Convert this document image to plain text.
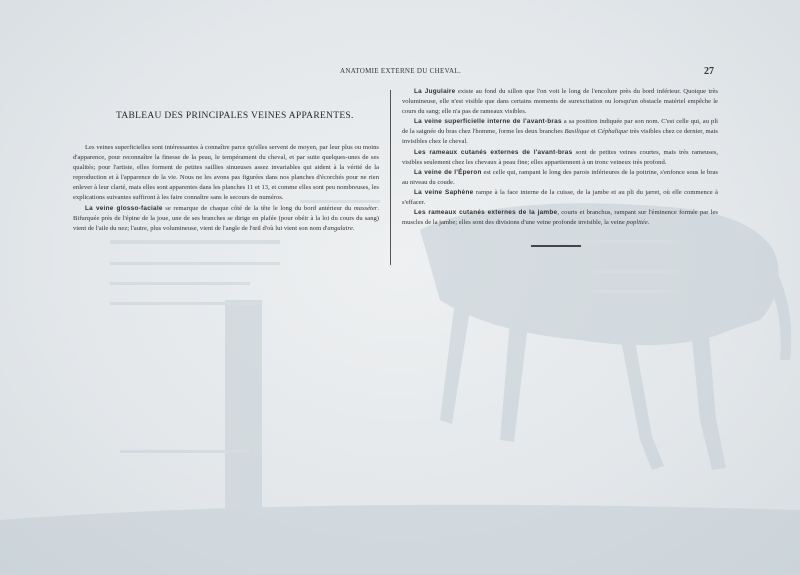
ANATOMIE EXTERNE DU CHEVAL.	27
TABLEAU DES PRINCIPALES VEINES APPARENTES.

Les veines superficielles sont intéressantes à connaître parce qu'elles servent de moyen, par leur plus ou moins d'apparence, pour reconnaître la finesse de la peau, le tempérament du cheval, et par suite quelques-unes de ses qualités; pour l'artiste, elles forment de petites saillies sinueuses assez invariables qui aident à la vérité de la reproduction et à l'apparence de la vie. Nous ne les avons pas figurées dans nos planches d'écorchés pour ne rien enlever à leur clarté, mais elles sont apparentes dans les planches 11 et 13, et comme elles sont peu nombreuses, les explications suivantes suffiront à les faire connaître sans le secours de numéros.

La veine glosso-faciale se remarque de chaque côté de la tête le long du bord antérieur du masséter. Bifurquée près de l'épine de la joue, une de ses branches se dirige en plafée (pour obéir à la loi du cours du sang) vient de l'aile du nez; l'autre, plus volumineuse, vient de l'angle de l'œil d'où lui vient son nom d'angulaire.

La Jugulaire existe au fond du sillon que l'on voit le long de l'encolure près du bord inférieur. Quoique très volumineuse, elle n'est visible que dans certains moments de surexcitation ou lorsqu'un obstacle matériel empêche le cours du sang; elle n'a pas de rameaux visibles.

La veine superficielle interne de l'avant-bras a sa position indiquée par son nom. C'est celle qui, au pli de la saignée du bras chez l'homme, forme les deux branches Basilique et Céphalique très visibles chez ce dernier, mais invisibles chez le cheval.

Les rameaux cutanés externes de l'avant-bras sont de petites veines courtes, mais très rameuses, visibles seulement chez les chevaux à peau fine; elles appartiennent à un tronc veineux très profond.

La veine de l'Éperon est celle qui, rampant le long des parois inférieures de la poitrine, s'enfonce sous le bras au niveau du coude.

La veine Saphène rampe à la face interne de la cuisse, de la jambe et au pli du jarret, où elle commence à s'effacer.

Les rameaux cutanés externes de la jambe, courts et branchus, rampant sur l'éminence formée par les muscles de la jambe; elles sont des divisions d'une veine profonde invisible, la veine poplitée.
